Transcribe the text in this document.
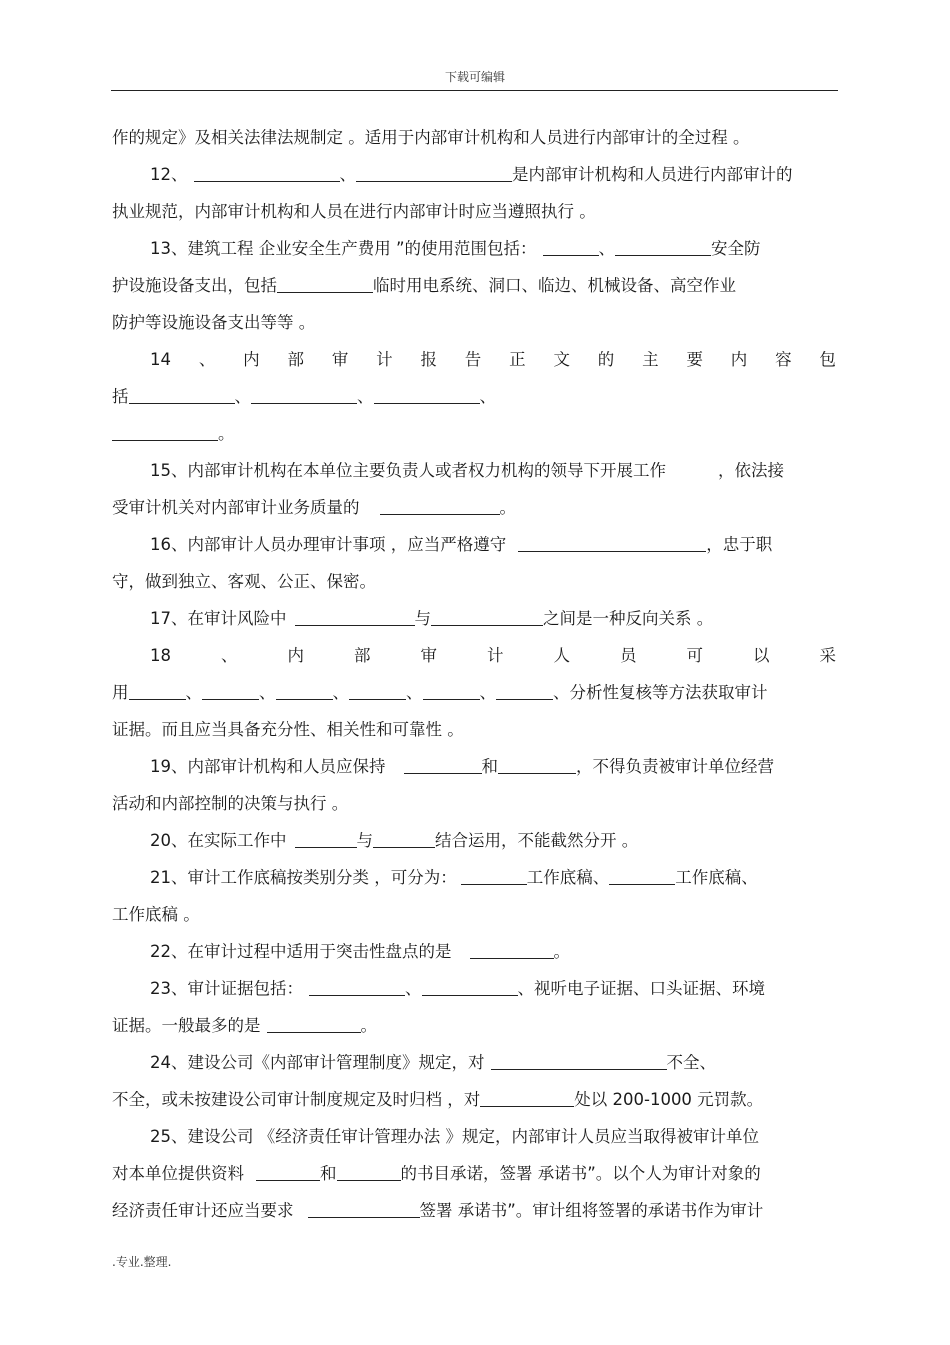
下载可编辑
作的规定》及相关法律法规制定 。适用于内部审计机构和人员进行内部审计的全过程 。
12、	、	是内部审计机构和人员进行内部审计的
执业规范，内部审计机构和人员在进行内部审计时应当遵照执行 。
13、建筑工程 企业安全生产费用 ”的使用范围包括：	、	安全防
护设施设备支出，包括	临时用电系统、洞口、临边、机械设备、高空作业
防护等设施设备支出等等 。
14 、 内 部 审 计 报 告 正 文 的 主 要 内 容 包
括	、	、	、
。
15、内部审计机构在本单位主要负责人或者权力机构的领导下开展工作	，依法接
受审计机关对内部审计业务质量的	。
16、内部审计人员办理审计事项 ，应当严格遵守	，忠于职
守，做到独立、客观、公正、保密。
17、在审计风险中	与	之间是一种反向关系 。
18	、	内	部	审	计	人	员	可	以	采
用	、	、	、	、	、	、分析性复核等方法获取审计
证据。而且应当具备充分性、相关性和可靠性 。
19、内部审计机构和人员应保持	和	，不得负责被审计单位经营
活动和内部控制的决策与执行 。
20、在实际工作中	与	结合运用，不能截然分开 。
21、审计工作底稿按类别分类 ，可分为：	工作底稿、	工作底稿、
工作底稿 。
22、在审计过程中适用于突击性盘点的是	。
23、审计证据包括：	、	、视听电子证据、口头证据、环境
证据。一般最多的是	。
24、建设公司《内部审计管理制度》规定，对	不全、
不全，或未按建设公司审计制度规定及时归档 ，对	处以 200-1000 元罚款。
25、建设公司 《经济责任审计管理办法 》规定，内部审计人员应当取得被审计单位
对本单位提供资料	和	的书目承诺，签署 承诺书”。以个人为审计对象的
经济责任审计还应当要求	签署 承诺书”。审计组将签署的承诺书作为审计
.专业.整理.
